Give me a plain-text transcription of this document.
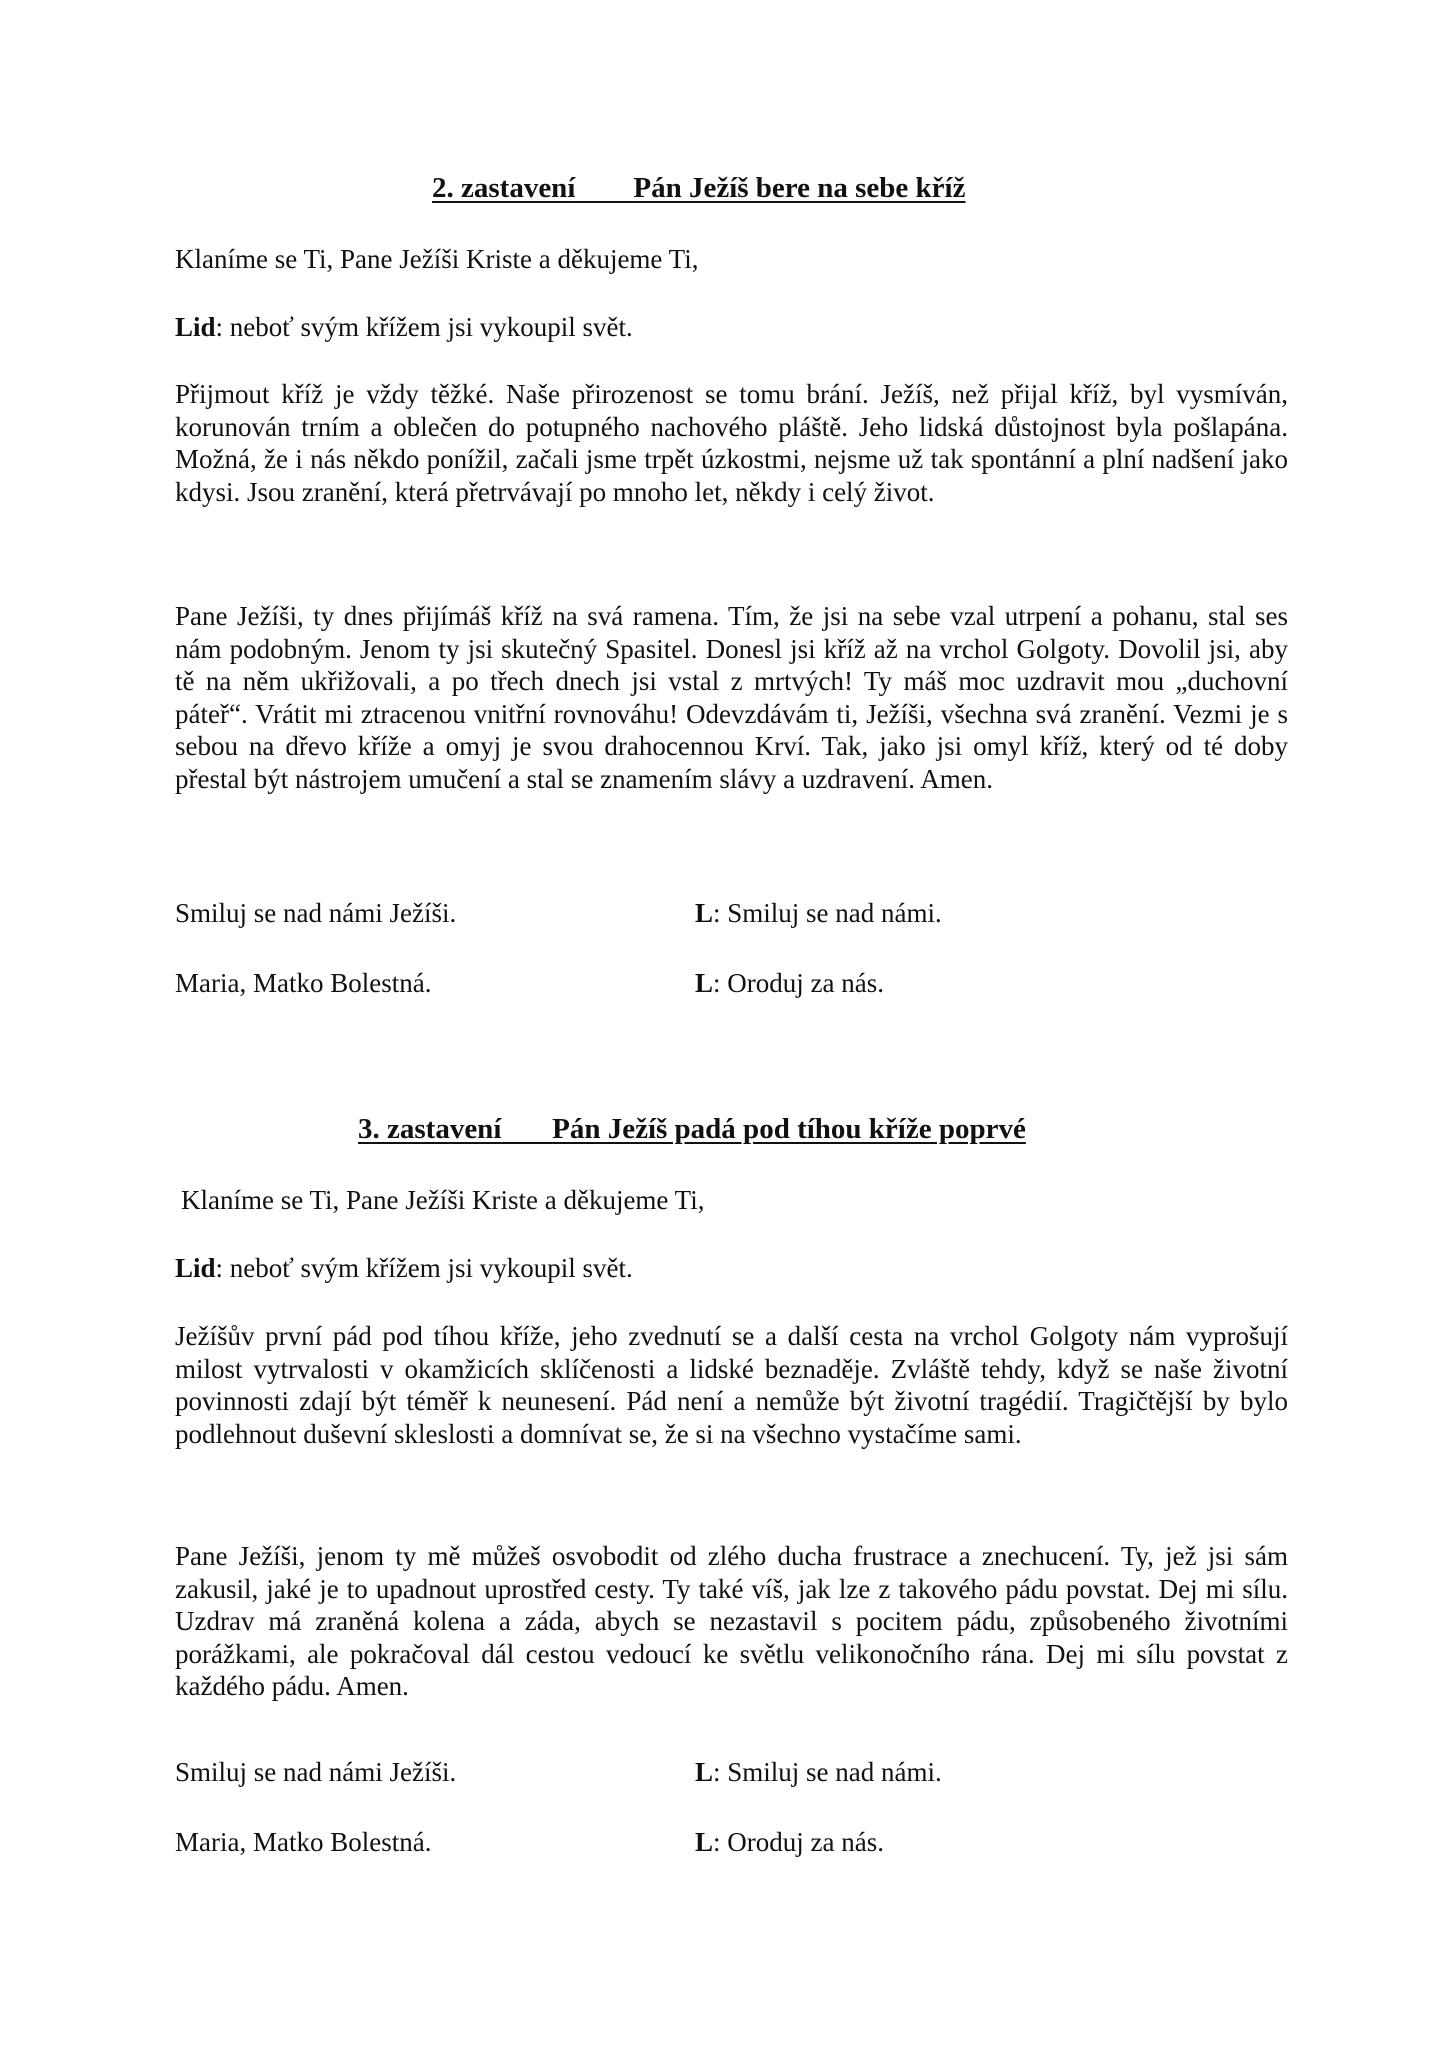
2. zastavení Pán Ježíš bere na sebe kříž
Klaníme se Ti, Pane Ježíši Kriste a děkujeme Ti,
Lid: neboť svým křížem jsi vykoupil svět.
Přijmout kříž je vždy těžké. Naše přirozenost se tomu brání. Ježíš, než přijal kříž, byl vysmíván, korunován trním a oblečen do potupného nachového pláště. Jeho lidská důstojnost byla pošlapána. Možná, že i nás někdo ponížil, začali jsme trpět úzkostmi, nejsme už tak spontánní a plní nadšení jako kdysi. Jsou zranění, která přetrvávají po mnoho let, někdy i celý život.
Pane Ježíši, ty dnes přijímáš kříž na svá ramena. Tím, že jsi na sebe vzal utrpení a pohanu, stal ses nám podobným. Jenom ty jsi skutečný Spasitel. Donesl jsi kříž až na vrchol Golgoty. Dovolil jsi, aby tě na něm ukřižovali, a po třech dnech jsi vstal z mrtvých! Ty máš moc uzdravit mou „duchovní páteř“. Vrátit mi ztracenou vnitřní rovnováhu! Odevzdávám ti, Ježíši, všechna svá zranění. Vezmi je s sebou na dřevo kříže a omyj je svou drahocennou Krví. Tak, jako jsi omyl kříž, který od té doby přestal být nástrojem umučení a stal se znamením slávy a uzdravení. Amen.
Smiluj se nad námi Ježíši.	L: Smiluj se nad námi.
Maria, Matko Bolestná.	L: Oroduj za nás.
3. zastavení Pán Ježíš padá pod tíhou kříže poprvé
Klaníme se Ti, Pane Ježíši Kriste a děkujeme Ti,
Lid: neboť svým křížem jsi vykoupil svět.
Ježíšův první pád pod tíhou kříže, jeho zvednutí se a další cesta na vrchol Golgoty nám vyprošují milost vytrvalosti v okamžicích sklíčenosti a lidské beznaděje. Zvláště tehdy, když se naše životní povinnosti zdají být téměř k neunesení. Pád není a nemůže být životní tragédií. Tragičtější by bylo podlehnout duševní skleslosti a domnívat se, že si na všechno vystačíme sami.
Pane Ježíši, jenom ty mě můžeš osvobodit od zlého ducha frustrace a znechucení. Ty, jež jsi sám zakusil, jaké je to upadnout uprostřed cesty. Ty také víš, jak lze z takového pádu povstat. Dej mi sílu. Uzdrav má zraněná kolena a záda, abych se nezastavil s pocitem pádu, způsobeného životními porážkami, ale pokračoval dál cestou vedoucí ke světlu velikonočního rána. Dej mi sílu povstat z každého pádu. Amen.
Smiluj se nad námi Ježíši.	L: Smiluj se nad námi.
Maria, Matko Bolestná.	L: Oroduj za nás.
